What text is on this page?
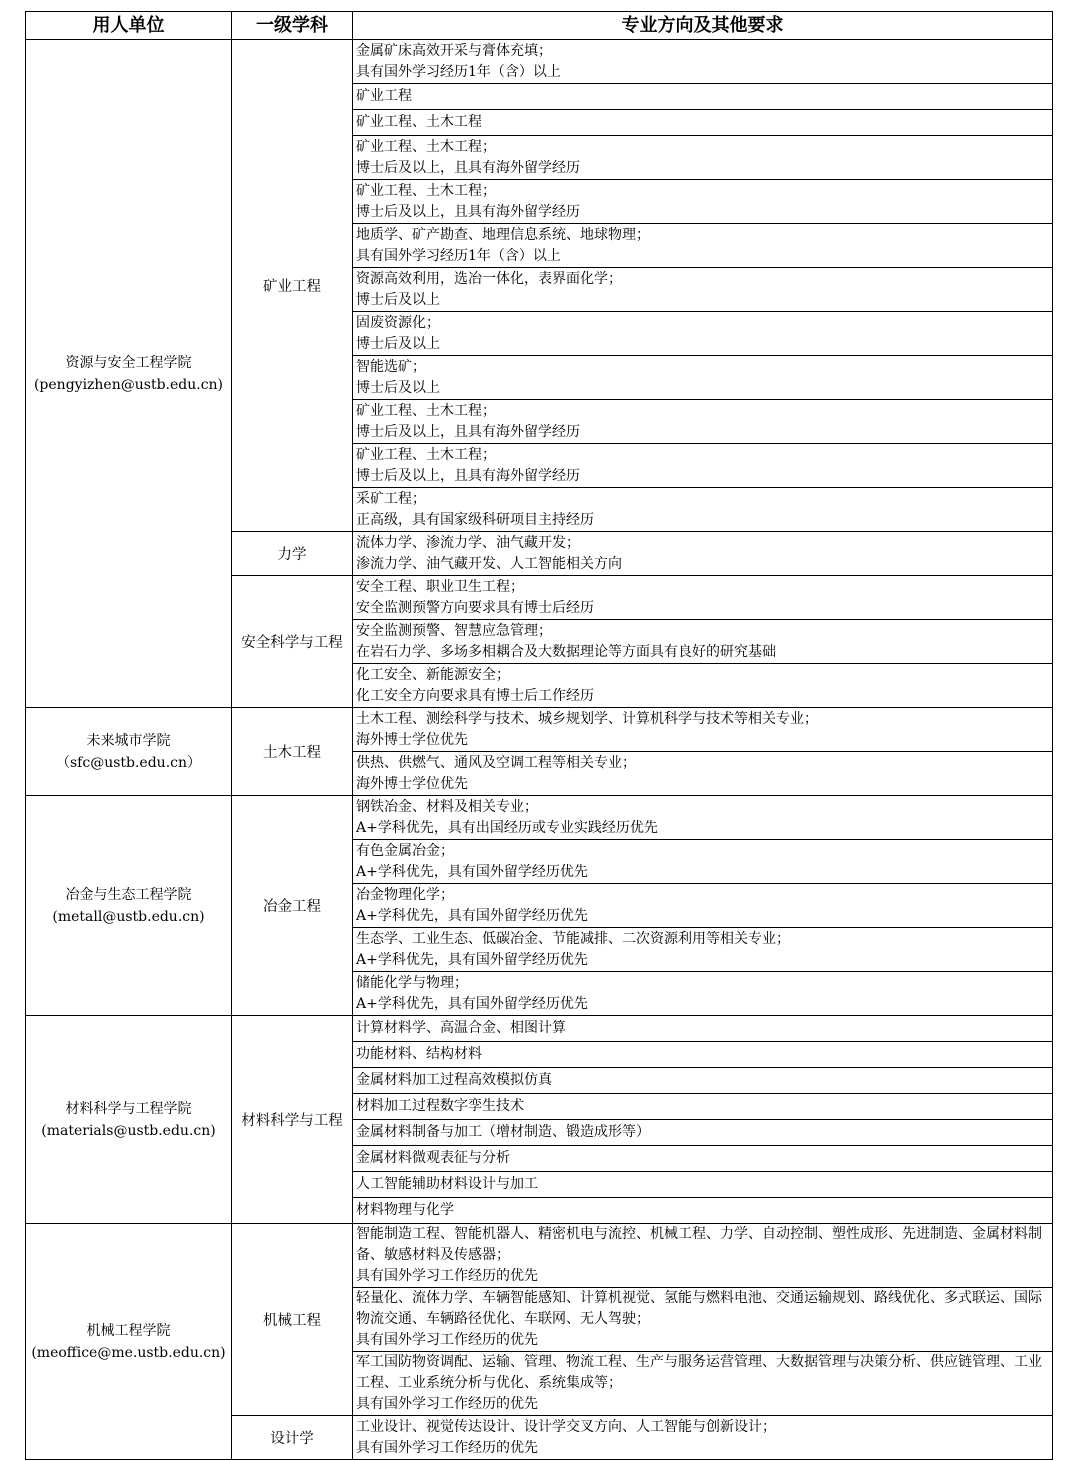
用人单位	一级学科	专业方向及其他要求

资源与安全工程学院
(pengyizhen@ustb.edu.cn)	矿业工程	金属矿床高效开采与膏体充填；
具有国外学习经历1年（含）以上

		矿业工程

		矿业工程、土木工程

		矿业工程、土木工程；
博士后及以上，且具有海外留学经历

		矿业工程、土木工程；
博士后及以上，且具有海外留学经历

		地质学、矿产勘查、地理信息系统、地球物理；
具有国外学习经历1年（含）以上

		资源高效利用，选冶一体化，表界面化学；
博士后及以上

		固废资源化；
博士后及以上

		智能选矿；
博士后及以上

		矿业工程、土木工程；
博士后及以上，且具有海外留学经历

		矿业工程、土木工程；
博士后及以上，且具有海外留学经历

		采矿工程；
正高级，具有国家级科研项目主持经历

	力学	流体力学、渗流力学、油气藏开发；
渗流力学、油气藏开发、人工智能相关方向

	安全科学与工程	安全工程、职业卫生工程；
安全监测预警方向要求具有博士后经历

		安全监测预警、智慧应急管理；
在岩石力学、多场多相耦合及大数据理论等方面具有良好的研究基础

		化工安全、新能源安全；
化工安全方向要求具有博士后工作经历

未来城市学院
（sfc@ustb.edu.cn）	土木工程	土木工程、测绘科学与技术、城乡规划学、计算机科学与技术等相关专业；
海外博士学位优先

		供热、供燃气、通风及空调工程等相关专业；
海外博士学位优先

冶金与生态工程学院
(metall@ustb.edu.cn)	冶金工程	钢铁冶金、材料及相关专业；
A+学科优先，具有出国经历或专业实践经历优先

		有色金属冶金；
A+学科优先，具有国外留学经历优先

		冶金物理化学；
A+学科优先，具有国外留学经历优先

		生态学、工业生态、低碳冶金、节能减排、二次资源利用等相关专业；
A+学科优先，具有国外留学经历优先

		储能化学与物理；
A+学科优先，具有国外留学经历优先

材料科学与工程学院
(materials@ustb.edu.cn)	材料科学与工程	计算材料学、高温合金、相图计算

		功能材料、结构材料

		金属材料加工过程高效模拟仿真

		材料加工过程数字孪生技术

		金属材料制备与加工（增材制造、锻造成形等）

		金属材料微观表征与分析

		人工智能辅助材料设计与加工

		材料物理与化学

机械工程学院
(meoffice@me.ustb.edu.cn)	机械工程	智能制造工程、智能机器人、精密机电与流控、机械工程、力学、自动控制、塑性成形、先进制造、金属材料制备、敏感材料及传感器；
具有国外学习工作经历的优先

		轻量化、流体力学、车辆智能感知、计算机视觉、氢能与燃料电池、交通运输规划、路线优化、多式联运、国际物流交通、车辆路径优化、车联网、无人驾驶；
具有国外学习工作经历的优先

		军工国防物资调配、运输、管理、物流工程、生产与服务运营管理、大数据管理与决策分析、供应链管理、工业工程、工业系统分析与优化、系统集成等；
具有国外学习工作经历的优先

	设计学	工业设计、视觉传达设计、设计学交叉方向、人工智能与创新设计；
具有国外学习工作经历的优先
